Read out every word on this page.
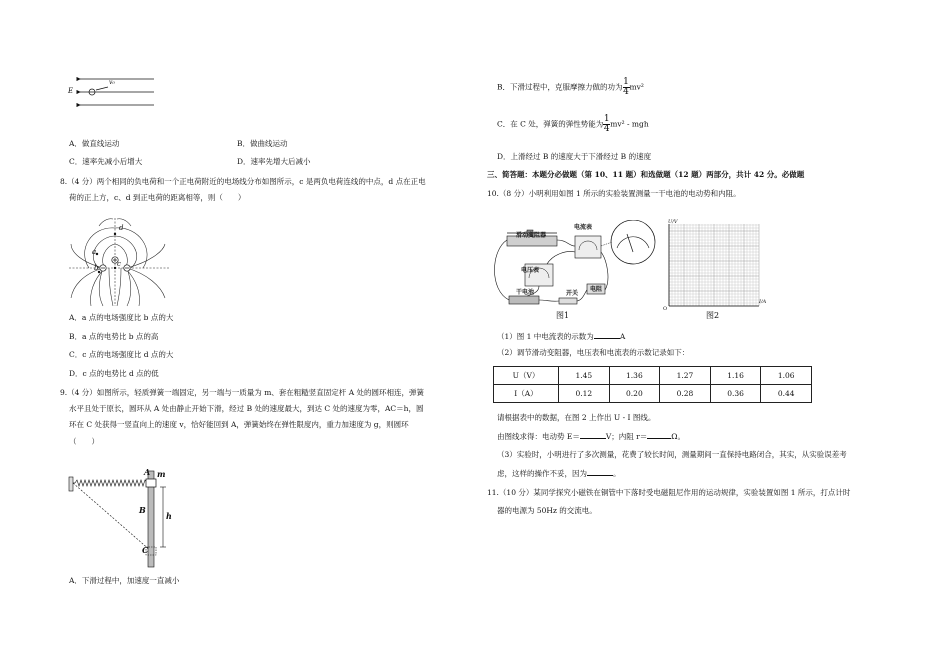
E
v₀
A．做直线运动	B．做曲线运动
C．速率先减小后增大	D．速率先增大后减小
8.（4 分）两个相同的负电荷和一个正电荷附近的电场线分布如图所示，c 是两负电荷连线的中点，d 点在正电
荷的正上方，c、d 到正电荷的距离相等，则（　　）
d
a
b	c
A．a 点的电场强度比 b 点的大
B．a 点的电势比 b 点的高
C．c 点的电场强度比 d 点的大
D．c 点的电势比 d 点的低
9.（4 分）如图所示，轻质弹簧一端固定，另一端与一质量为 m、套在粗糙竖直固定杆 A 处的圆环相连，弹簧
水平且处于原长，圆环从 A 处由静止开始下滑，经过 B 处的速度最大，到达 C 处的速度为零，AC＝h，圆
环在 C 处获得一竖直向上的速度 v，恰好能回到 A，弹簧始终在弹性限度内，重力加速度为 g，则圆环
（　　）
A m
B
h
C
A．下滑过程中，加速度一直减小
B．下滑过程中，克服摩擦力做的功为 $\frac{1}{4} mv^2$
C．在 C 处，弹簧的弹性势能为 $\frac{1}{4} mv^2$ - mgh
D．上滑经过 B 的速度大于下滑经过 B 的速度
三、简答题：本题分必做题（第 10、11 题）和选做题（12 题）两部分，共计 42 分。必做题
10.（8 分）小明利用如图 1 所示的实验装置测量一干电池的电动势和内阻。
滑动变阻器
电流表
电压表
干电池	开关
电阻
图1
U/V
I/A
O
图2
（1）图 1 中电流表的示数为	A
（2）调节滑动变阻器，电压表和电流表的示数记录如下：
U（V）	1.45	1.36	1.27	1.16	1.06
I（A）	0.12	0.20	0.28	0.36	0.44
请根据表中的数据，在图 2 上作出 U - I 图线。
由图线求得：电动势 E＝	V；内阻 r＝	Ω。
（3）实验时，小明进行了多次测量，花费了较长时间，测量期间一直保持电路闭合，其实，从实验误差考
虑，这样的操作不妥，因为	。
11.（10 分）某同学探究小磁铁在铜管中下落时受电磁阻尼作用的运动规律，实验装置如图 1 所示，打点计时
器的电源为 50Hz 的交流电。
